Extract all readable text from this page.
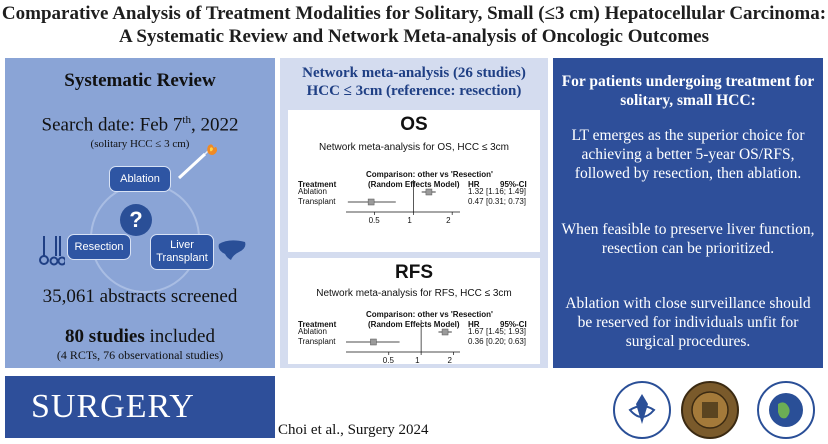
Comparative Analysis of Treatment Modalities for Solitary, Small (≤3 cm) Hepatocellular Carcinoma:
A Systematic Review and Network Meta-analysis of Oncologic Outcomes
Systematic Review
Search date: Feb 7th, 2022
(solitary HCC ≤ 3 cm)
?
Ablation
Resection	Liver
Transplant
35,061 abstracts screened
80 studies included
(4 RCTs, 76 observational studies)
Network meta-analysis (26 studies)
HCC ≤ 3cm (reference: resection)
OS
Network meta-analysis for OS, HCC ≤ 3cm
Comparison: other vs 'Resection'
Treatment	(Random Effects Model) HR	95%-CI
Ablation	1.32 [1.16; 1.49]
Transplant	0.47 [0.31; 0.73]
0.5	1	2
RFS
Network meta-analysis for RFS, HCC ≤ 3cm
Comparison: other vs 'Resection'
Treatment	(Random Effects Model) HR	95%-CI
Ablation	1.67 [1.45; 1.93]
Transplant	0.36 [0.20; 0.63]
0.5	1	2
For patients undergoing treatment for solitary, small HCC:

LT emerges as the superior choice for achieving a better 5-year OS/RFS, followed by resection, then ablation.

When feasible to preserve liver function, resection can be prioritized.

Ablation with close surveillance should be reserved for individuals unfit for surgical procedures.

SURGERY
Choi et al., Surgery 2024
